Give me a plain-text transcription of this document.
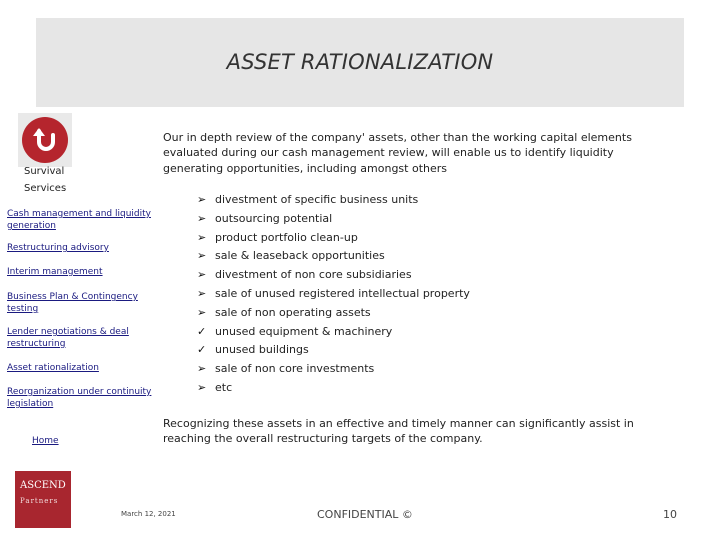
ASSET RATIONALIZATION
Survival
Services
Cash management and liquidity generation
Restructuring advisory
Interim management
Business Plan & Contingency testing
Lender negotiations & deal restructuring
Asset rationalization
Reorganization under continuity legislation
Home
ASCEND
Partners
Our in depth review of the company' assets, other than the working capital elements evaluated during our cash management review, will enable us to identify liquidity generating opportunities, including amongst others
➢ divestment of specific business units
➢ outsourcing potential
➢ product portfolio clean-up
➢ sale & leaseback opportunities
➢ divestment of non core subsidiaries
➢ sale of unused registered intellectual property
➢ sale of non operating assets
✓ unused equipment & machinery
✓ unused buildings
➢ sale of non core investments
➢ etc
Recognizing these assets in an effective and timely manner can significantly assist in reaching the overall restructuring targets of the company.
March 12, 2021	CONFIDENTIAL ©	10
